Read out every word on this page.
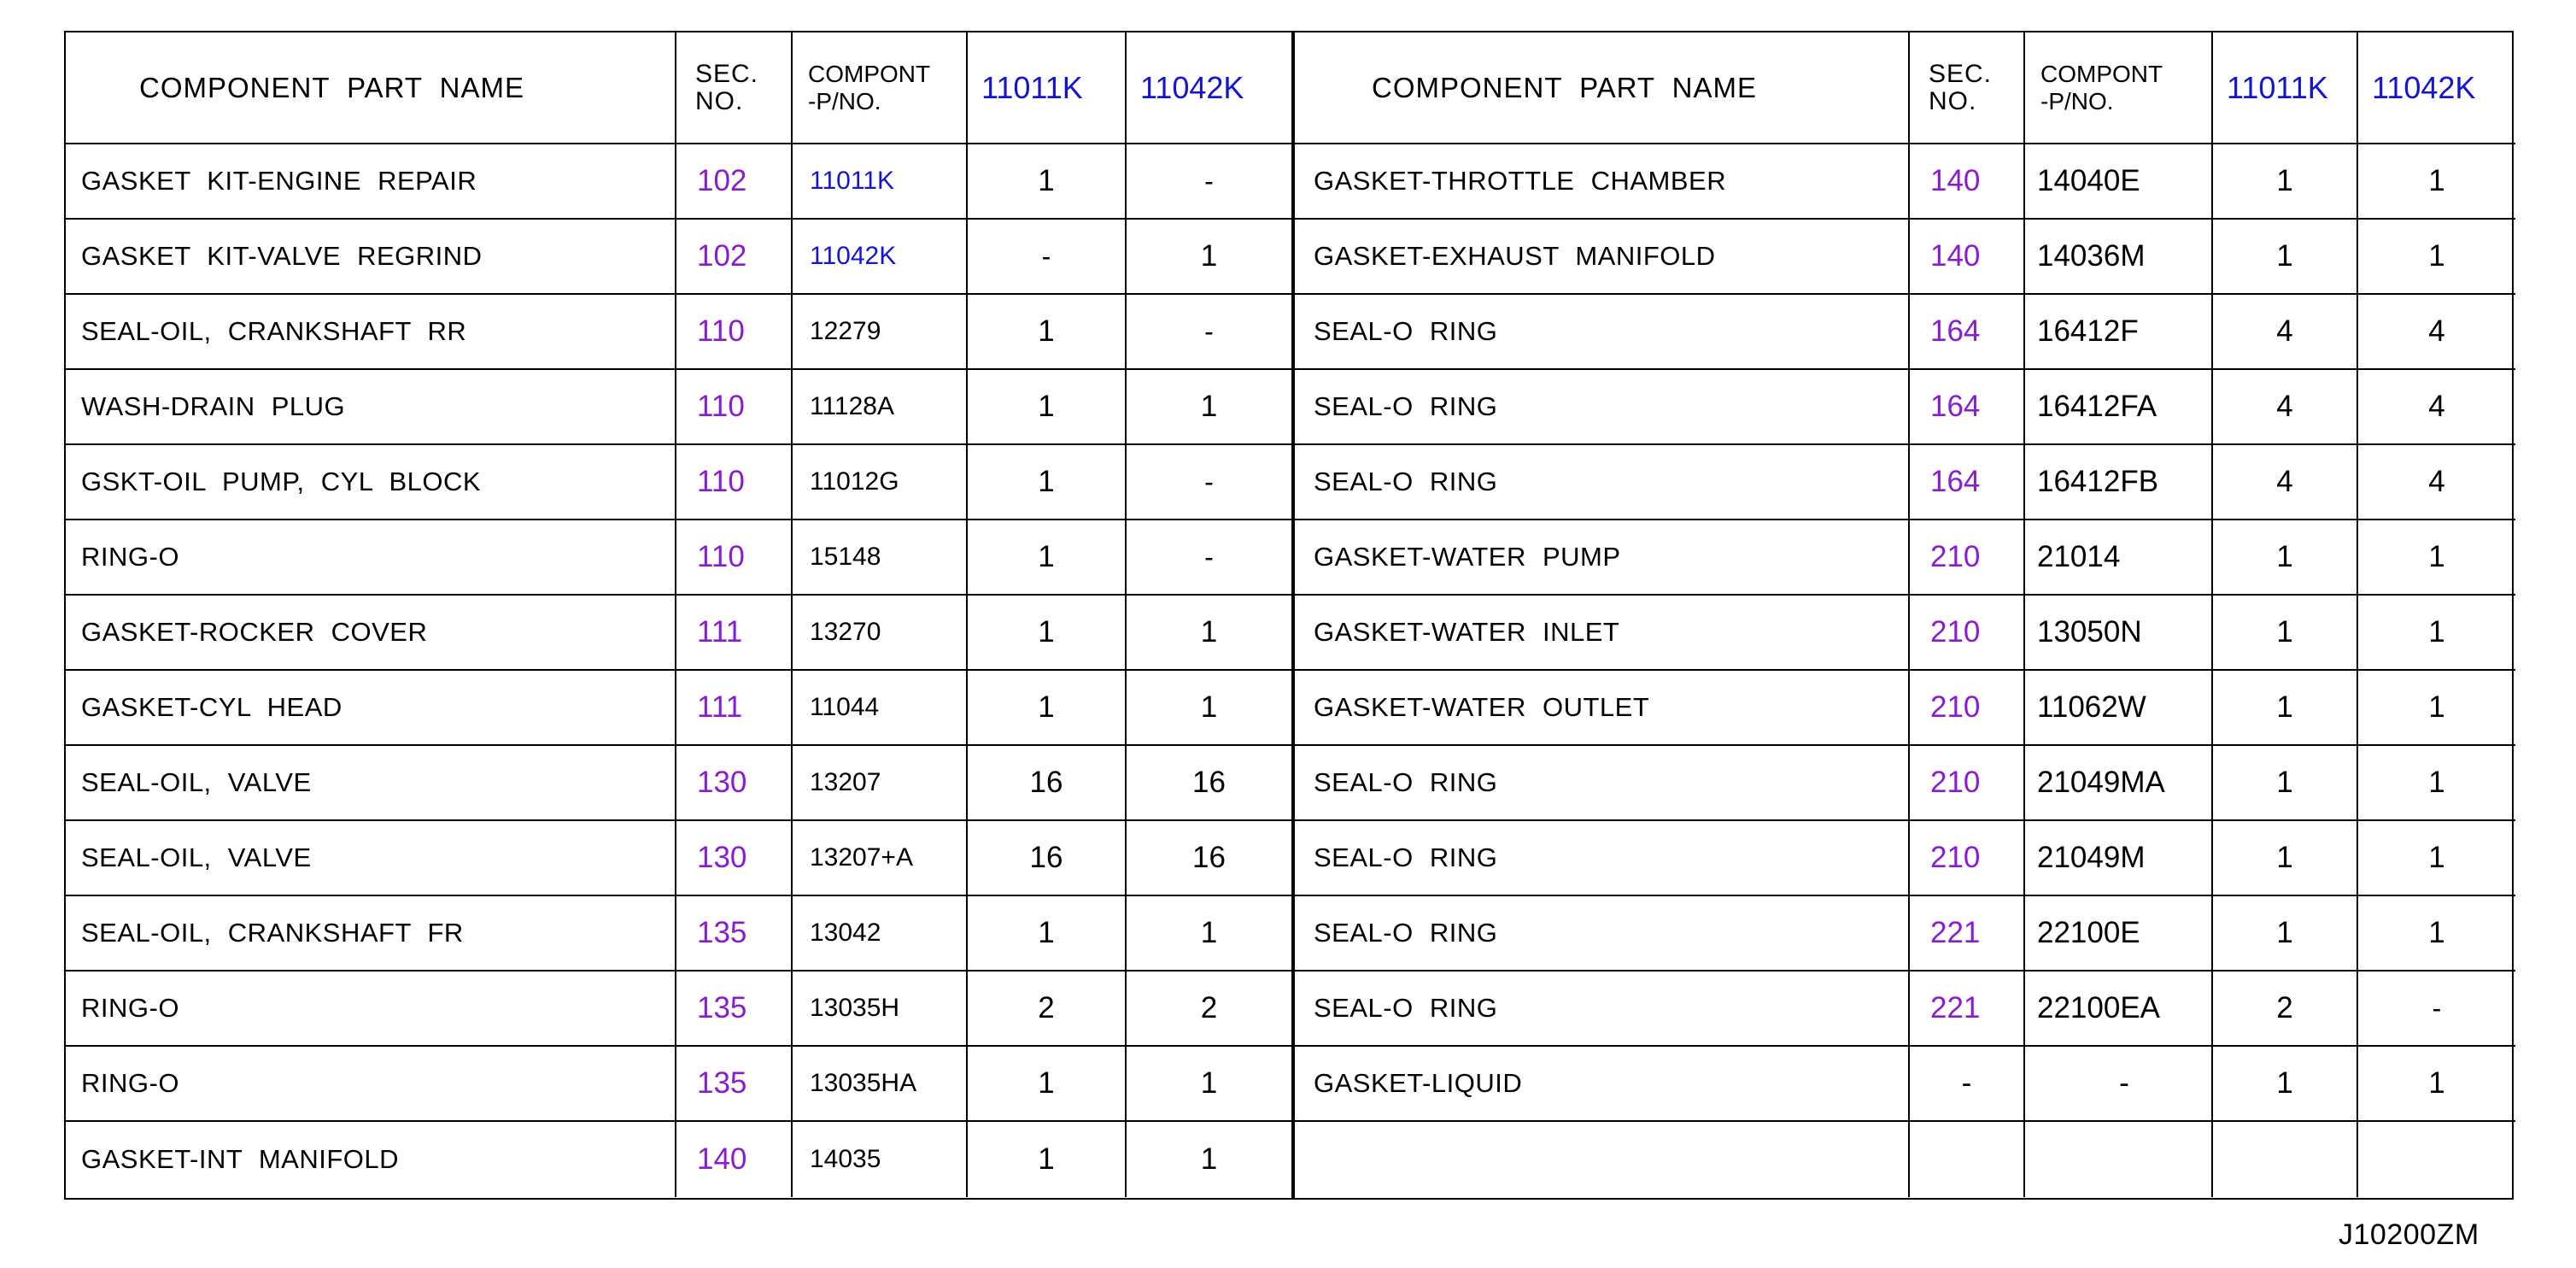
COMPONENT PART NAME	SEC.
NO.
COMPONT
-P/NO.	11011K	11042K
GASKET KIT-ENGINE REPAIR	102	11011K	1	-
GASKET KIT-VALVE REGRIND	102	11042K	-	1
SEAL-OIL, CRANKSHAFT RR	110	12279	1	-
WASH-DRAIN PLUG	110	11128A	1	1
GSKT-OIL PUMP, CYL BLOCK	110	11012G	1	-
RING-O	110	15148	1	-
GASKET-ROCKER COVER	111	13270	1	1
GASKET-CYL HEAD	111	11044	1	1
SEAL-OIL, VALVE	130	13207	16	16
SEAL-OIL, VALVE	130	13207+A	16	16
SEAL-OIL, CRANKSHAFT FR	135	13042	1	1
RING-O	135	13035H	2	2
RING-O	135	13035HA	1	1
GASKET-INT MANIFOLD	140	14035	1	1
COMPONENT PART NAME	SEC.
NO.
COMPONT
-P/NO.	11011K	11042K
GASKET-THROTTLE CHAMBER	140	14040E	1	1
GASKET-EXHAUST MANIFOLD	140	14036M	1	1
SEAL-O RING	164	16412F	4	4
SEAL-O RING	164	16412FA	4	4
SEAL-O RING	164	16412FB	4	4
GASKET-WATER PUMP	210	21014	1	1
GASKET-WATER INLET	210	13050N	1	1
GASKET-WATER OUTLET	210	11062W	1	1
SEAL-O RING	210	21049MA	1	1
SEAL-O RING	210	21049M	1	1
SEAL-O RING	221	22100E	1	1
SEAL-O RING	221	22100EA	2	-
GASKET-LIQUID	-	-	1	1
J10200ZM
